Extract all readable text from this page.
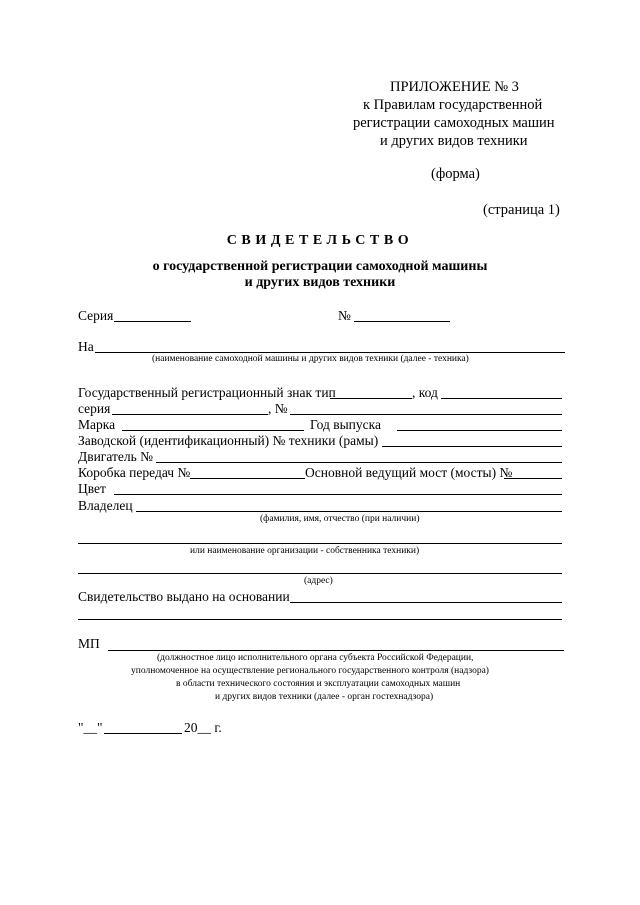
ПРИЛОЖЕНИЕ № 3
к Правилам государственной
регистрации самоходных машин
и других видов техники
(форма)
(страница 1)
СВИДЕТЕЛЬСТВО
о государственной регистрации самоходной машины
и других видов техники
Серия	№
На
(наименование самоходной машины и других видов техники (далее - техника)
Государственный регистрационный знак тип	, код
серия	, №
Марка	Год выпуска
Заводской (идентификационный) № техники (рамы)
Двигатель №
Коробка передач №	Основной ведущий мост (мосты) №
Цвет
Владелец
(фамилия, имя, отчество (при наличии)
или наименование организации - собственника техники)
(адрес)
Свидетельство выдано на основании
МП
(должностное лицо исполнительного органа субъекта Российской Федерации,
уполномоченное на осуществление регионального государственного контроля (надзора)
в области технического состояния и эксплуатации самоходных машин
и других видов техники (далее - орган гостехнадзора)
"__"	20__ г.
